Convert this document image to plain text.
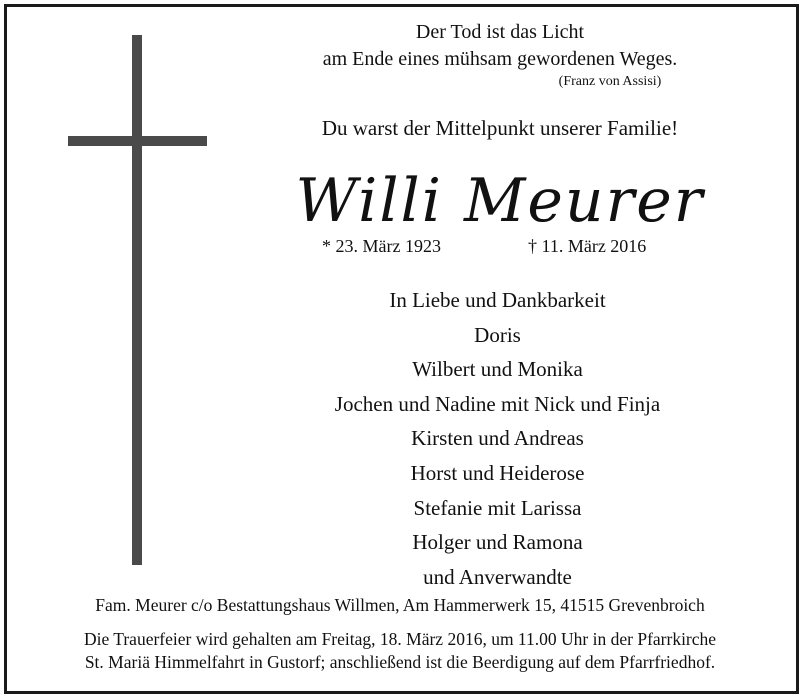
Der Tod ist das Licht
am Ende eines mühsam gewordenen Weges.
(Franz von Assisi)
Du warst der Mittelpunkt unserer Familie!
Willi Meurer
* 23. März 1923	† 11. März 2016
In Liebe und Dankbarkeit
Doris
Wilbert und Monika
Jochen und Nadine mit Nick und Finja
Kirsten und Andreas
Horst und Heiderose
Stefanie mit Larissa
Holger und Ramona
und Anverwandte
Fam. Meurer c/o Bestattungshaus Willmen, Am Hammerwerk 15, 41515 Grevenbroich
Die Trauerfeier wird gehalten am Freitag, 18. März 2016, um 11.00 Uhr in der Pfarrkirche
St. Mariä Himmelfahrt in Gustorf; anschließend ist die Beerdigung auf dem Pfarrfriedhof.
